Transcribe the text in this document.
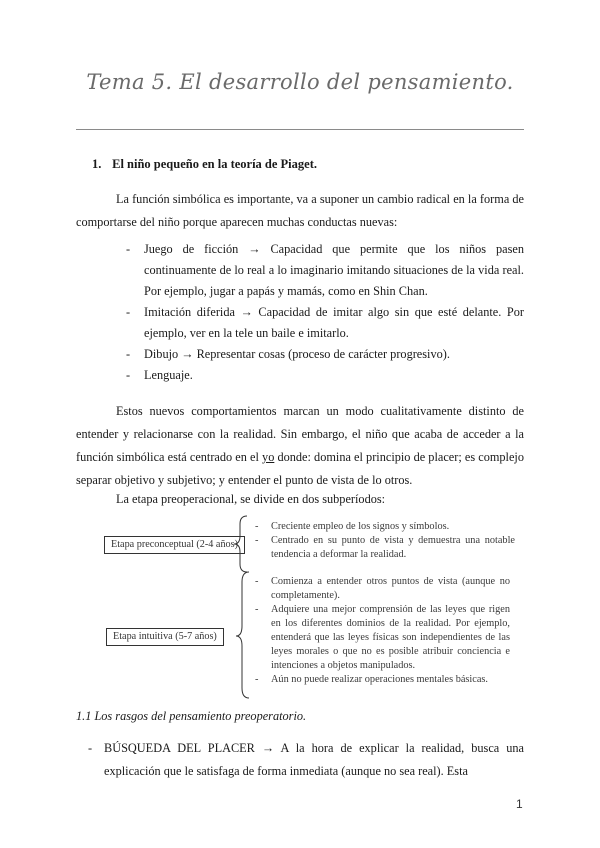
Tema 5. El desarrollo del pensamiento.
1. El niño pequeño en la teoría de Piaget.

La función simbólica es importante, va a suponer un cambio radical en la forma de comportarse del niño porque aparecen muchas conductas nuevas:

- Juego de ficción → Capacidad que permite que los niños pasen continuamente de lo real a lo imaginario imitando situaciones de la vida real. Por ejemplo, jugar a papás y mamás, como en Shin Chan.
- Imitación diferida → Capacidad de imitar algo sin que esté delante. Por ejemplo, ver en la tele un baile e imitarlo.
- Dibujo → Representar cosas (proceso de carácter progresivo).
- Lenguaje.

Estos nuevos comportamientos marcan un modo cualitativamente distinto de entender y relacionarse con la realidad. Sin embargo, el niño que acaba de acceder a la función simbólica está centrado en el yo donde: domina el principio de placer; es complejo separar objetivo y subjetivo; y entender el punto de vista de lo otros.

La etapa preoperacional, se divide en dos subperíodos:

Etapa preconceptual (2-4 años)
- Creciente empleo de los signos y símbolos.
- Centrado en su punto de vista y demuestra una notable tendencia a deformar la realidad.
Etapa intuitiva (5-7 años)
- Comienza a entender otros puntos de vista (aunque no completamente).
- Adquiere una mejor comprensión de las leyes que rigen en los diferentes dominios de la realidad. Por ejemplo, entenderá que las leyes físicas son independientes de las leyes morales o que no es posible atribuir conciencia e intenciones a objetos manipulados.
- Aún no puede realizar operaciones mentales básicas.
1.1 Los rasgos del pensamiento preoperatorio.
- BÚSQUEDA DEL PLACER → A la hora de explicar la realidad, busca una explicación que le satisfaga de forma inmediata (aunque no sea real). Esta
1
